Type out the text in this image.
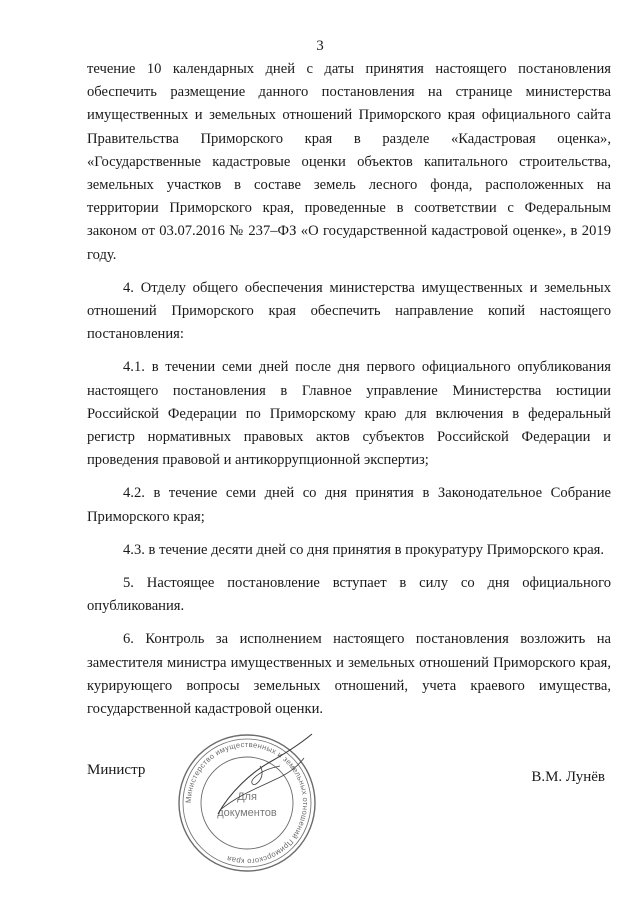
3

течение 10 календарных дней с даты принятия настоящего постановления обеспечить размещение данного постановления на странице министерства имущественных и земельных отношений Приморского края официального сайта Правительства Приморского края в разделе «Кадастровая оценка», «Государственные кадастровые оценки объектов капитального строительства, земельных участков в составе земель лесного фонда, расположенных на территории Приморского края, проведенные в соответствии с Федеральным законом от 03.07.2016 № 237–ФЗ «О государственной кадастровой оценке», в 2019 году.

4. Отделу общего обеспечения министерства имущественных и земельных отношений Приморского края обеспечить направление копий настоящего постановления:

4.1. в течении семи дней после дня первого официального опубликования настоящего постановления в Главное управление Министерства юстиции Российской Федерации по Приморскому краю для включения в федеральный регистр нормативных правовых актов субъектов Российской Федерации и проведения правовой и антикоррупционной экспертиз;

4.2. в течение семи дней со дня принятия в Законодательное Собрание Приморского края;

4.3. в течение десяти дней со дня принятия в прокуратуру Приморского края.

5. Настоящее постановление вступает в силу со дня официального опубликования.

6. Контроль за исполнением настоящего постановления возложить на заместителя министра имущественных и земельных отношений Приморского края, курирующего вопросы земельных отношений, учета краевого имущества, государственной кадастровой оценки.

Министерство имущественных и земельных отношений Приморского края
Для
документов
Министр	В.М. Лунёв
